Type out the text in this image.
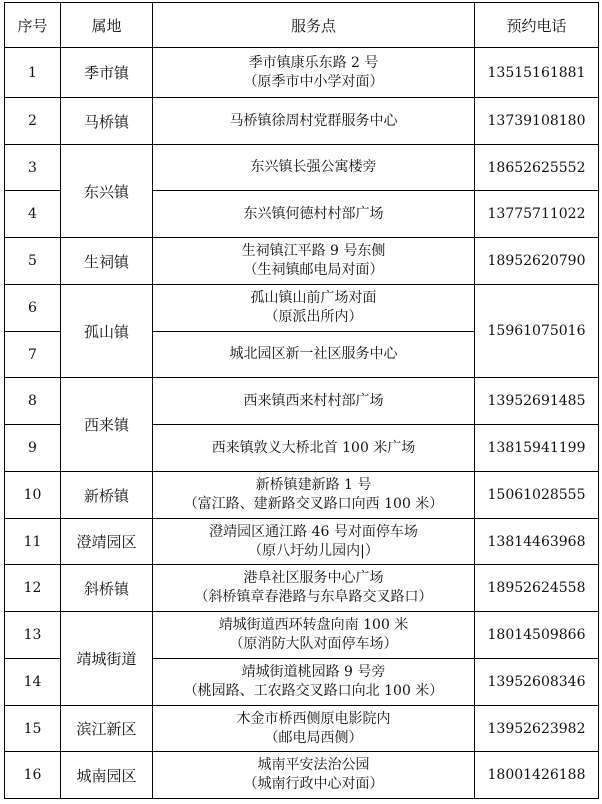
序号	属地	服务点	预约电话
1	季市镇	季市镇康乐东路 2 号
（原季市中小学对面）	13515161881
2	马桥镇	马桥镇徐周村党群服务中心	13739108180
3	东兴镇	东兴镇长强公寓楼旁	18652625552
4		东兴镇何德村村部广场	13775711022
5	生祠镇	生祠镇江平路 9 号东侧
（生祠镇邮电局对面）	18952620790
6	孤山镇	孤山镇山前广场对面
（原派出所内）	15961075016
7		城北园区新一社区服务中心	

8	西来镇	西来镇西来村村部广场	13952691485
9		西来镇敦义大桥北首 100 米广场	13815941199
10	新桥镇	新桥镇建新路 1 号
（富江路、建新路交叉路口向西 100 米）	15061028555
11	澄靖园区	澄靖园区通江路 46 号对面停车场
（原八圩幼儿园内|）	13814463968
12	斜桥镇	港阜社区服务中心广场
（斜桥镇章春港路与东阜路交叉路口）	18952624558
13	靖城街道	靖城街道西环转盘向南 100 米
（原消防大队对面停车场）	18014509866
14		靖城街道桃园路 9 号旁
（桃园路、工农路交叉路口向北 100 米）	13952608346
15	滨江新区	木金市桥西侧原电影院内
（邮电局西侧）	13952623982
16	城南园区	城南平安法治公园
（城南行政中心对面）	18001426188
